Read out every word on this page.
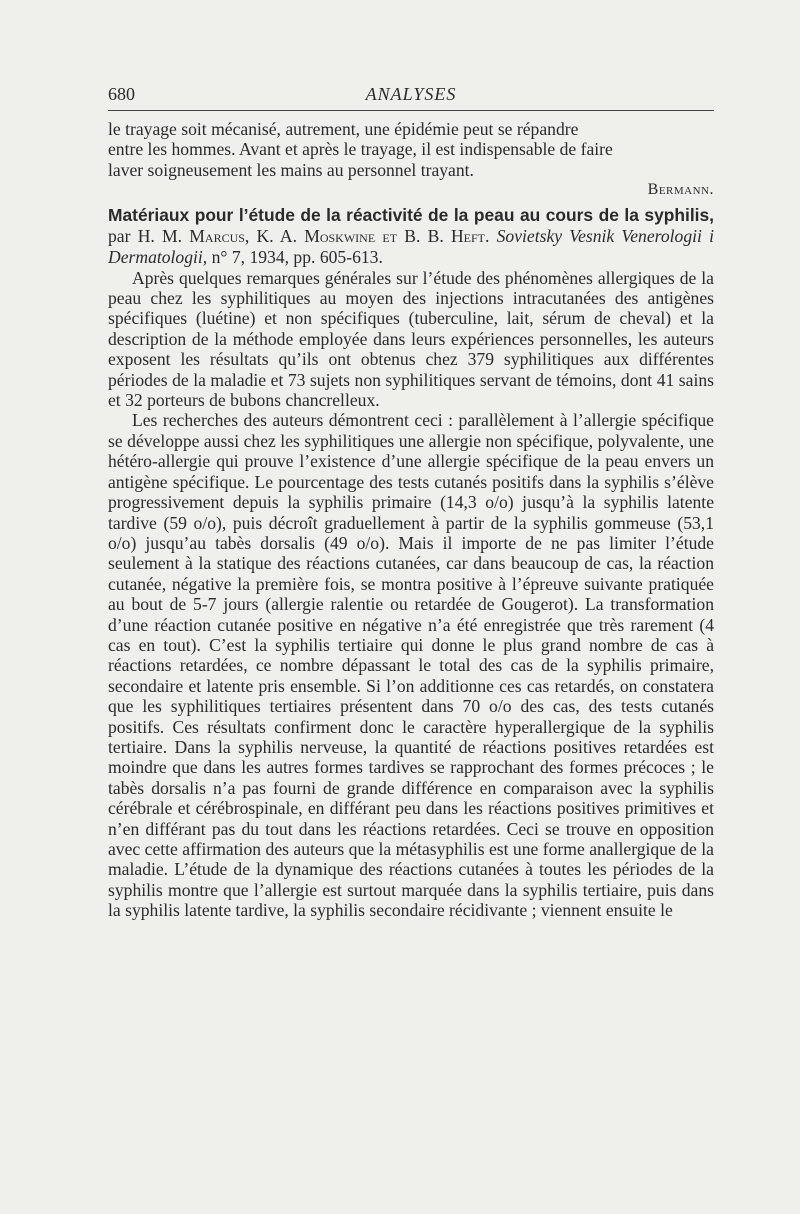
680	ANALYSES

le trayage soit mécanisé, autrement, une épidémie peut se répandre

entre les hommes. Avant et après le trayage, il est indispensable de faire

laver soigneusement les mains au personnel trayant.

Bermann.

Matériaux pour l’étude de la réactivité de la peau au cours de la syphilis, par H. M. Marcus, K. A. Moskwine et B. B. Heft. Sovietsky Vesnik Venerologii i Dermatologii, n° 7, 1934, pp. 605-613.

Après quelques remarques générales sur l’étude des phénomènes allergiques de la peau chez les syphilitiques au moyen des injections intracutanées des antigènes spécifiques (luétine) et non spécifiques (tuberculine, lait, sérum de cheval) et la description de la méthode employée dans leurs expériences personnelles, les auteurs exposent les résultats qu’ils ont obtenus chez 379 syphilitiques aux différentes périodes de la maladie et 73 sujets non syphilitiques servant de témoins, dont 41 sains et 32 porteurs de bubons chancrelleux.

Les recherches des auteurs démontrent ceci : parallèlement à l’allergie spécifique se développe aussi chez les syphilitiques une allergie non spécifique, polyvalente, une hétéro-allergie qui prouve l’existence d’une allergie spécifique de la peau envers un antigène spécifique. Le pourcentage des tests cutanés positifs dans la syphilis s’élève progressivement depuis la syphilis primaire (14,3 o/o) jusqu’à la syphilis latente tardive (59 o/o), puis décroît graduellement à partir de la syphilis gommeuse (53,1 o/o) jusqu’au tabès dorsalis (49 o/o). Mais il importe de ne pas limiter l’étude seulement à la statique des réactions cutanées, car dans beaucoup de cas, la réaction cutanée, négative la première fois, se montra positive à l’épreuve suivante pratiquée au bout de 5-7 jours (allergie ralentie ou retardée de Gougerot). La transformation d’une réaction cutanée positive en négative n’a été enregistrée que très rarement (4 cas en tout). C’est la syphilis tertiaire qui donne le plus grand nombre de cas à réactions retardées, ce nombre dépassant le total des cas de la syphilis primaire, secondaire et latente pris ensemble. Si l’on additionne ces cas retardés, on constatera que les syphilitiques tertiaires présentent dans 70 o/o des cas, des tests cutanés positifs. Ces résultats confirment donc le caractère hyperallergique de la syphilis tertiaire. Dans la syphilis nerveuse, la quantité de réactions positives retardées est moindre que dans les autres formes tardives se rapprochant des formes précoces ; le tabès dorsalis n’a pas fourni de grande différence en comparaison avec la syphilis cérébrale et cérébrospinale, en différant peu dans les réactions positives primitives et n’en différant pas du tout dans les réactions retardées. Ceci se trouve en opposition avec cette affirmation des auteurs que la métasyphilis est une forme anallergique de la maladie. L’étude de la dynamique des réactions cutanées à toutes les périodes de la syphilis montre que l’allergie est surtout marquée dans la syphilis tertiaire, puis dans la syphilis latente tardive, la syphilis secondaire récidivante ; viennent ensuite le
